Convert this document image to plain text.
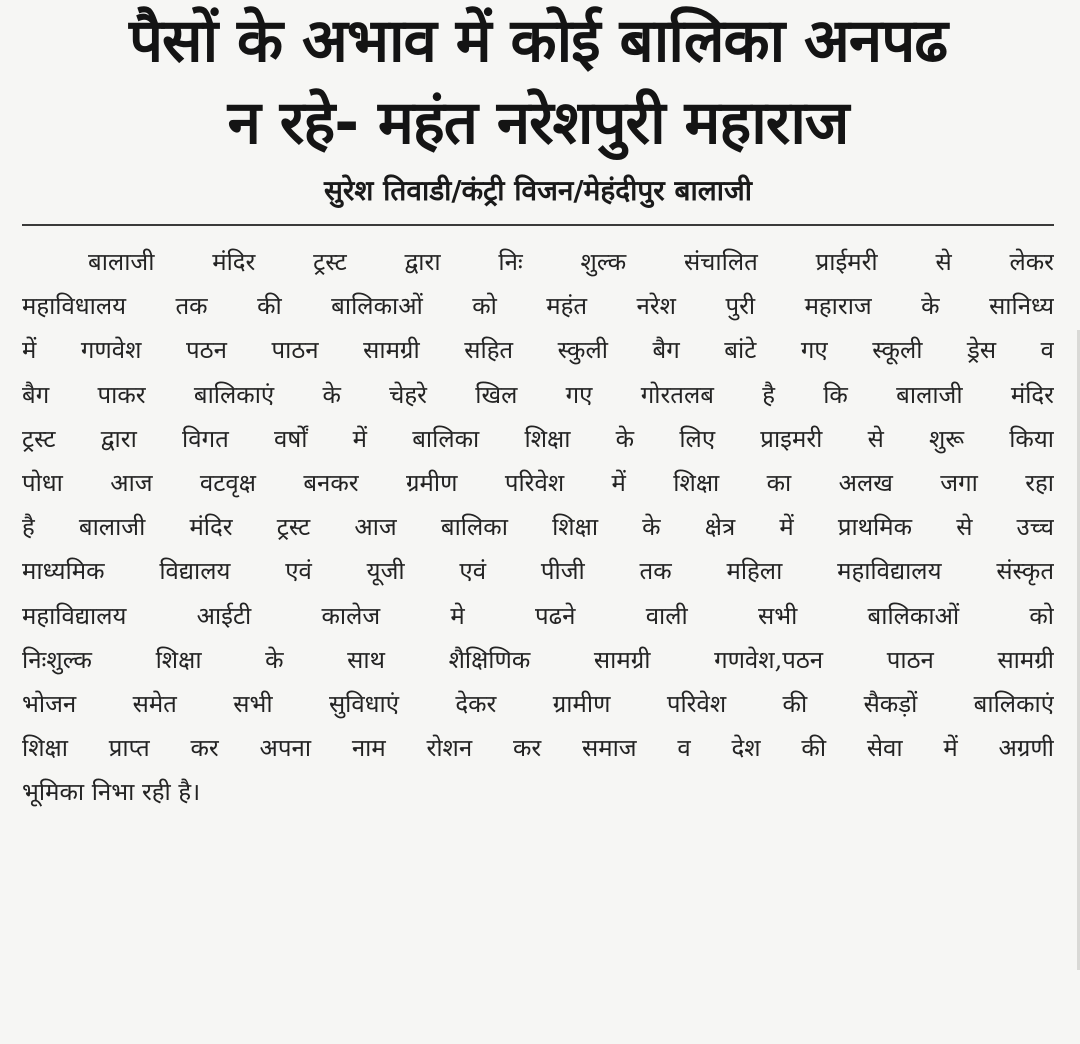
पैसों के अभाव में कोई बालिका अनपढ
न रहे- महंत नरेशपुरी महाराज
सुरेश तिवाडी/कंट्री विजन/मेहंदीपुर बालाजी
बालाजी मंदिर ट्रस्ट द्वारा निः शुल्क संचालित प्राईमरी से लेकर
महाविधालय तक की बालिकाओं को महंत नरेश पुरी महाराज के सानिध्य
में गणवेश पठन पाठन सामग्री सहित स्कुली बैग बांटे गए स्कूली ड्रेस व
बैग पाकर बालिकाएं के चेहरे खिल गए गोरतलब है कि बालाजी मंदिर
ट्रस्ट द्वारा विगत वर्षों में बालिका शिक्षा के लिए प्राइमरी से शुरू किया
पोधा आज वटवृक्ष बनकर ग्रमीण परिवेश में शिक्षा का अलख जगा रहा
है बालाजी मंदिर ट्रस्ट आज बालिका शिक्षा के क्षेत्र में प्राथमिक से उच्च
माध्यमिक विद्यालय एवं यूजी एवं पीजी तक महिला महाविद्यालय संस्कृत
महाविद्यालय आईटी कालेज मे पढने वाली सभी बालिकाओं को
निःशुल्क शिक्षा के साथ शैक्षिणिक सामग्री गणवेश,पठन पाठन सामग्री
भोजन समेत सभी सुविधाएं देकर ग्रामीण परिवेश की सैकड़ों बालिकाएं
शिक्षा प्राप्त कर अपना नाम रोशन कर समाज व देश की सेवा में अग्रणी
भूमिका निभा रही है।
